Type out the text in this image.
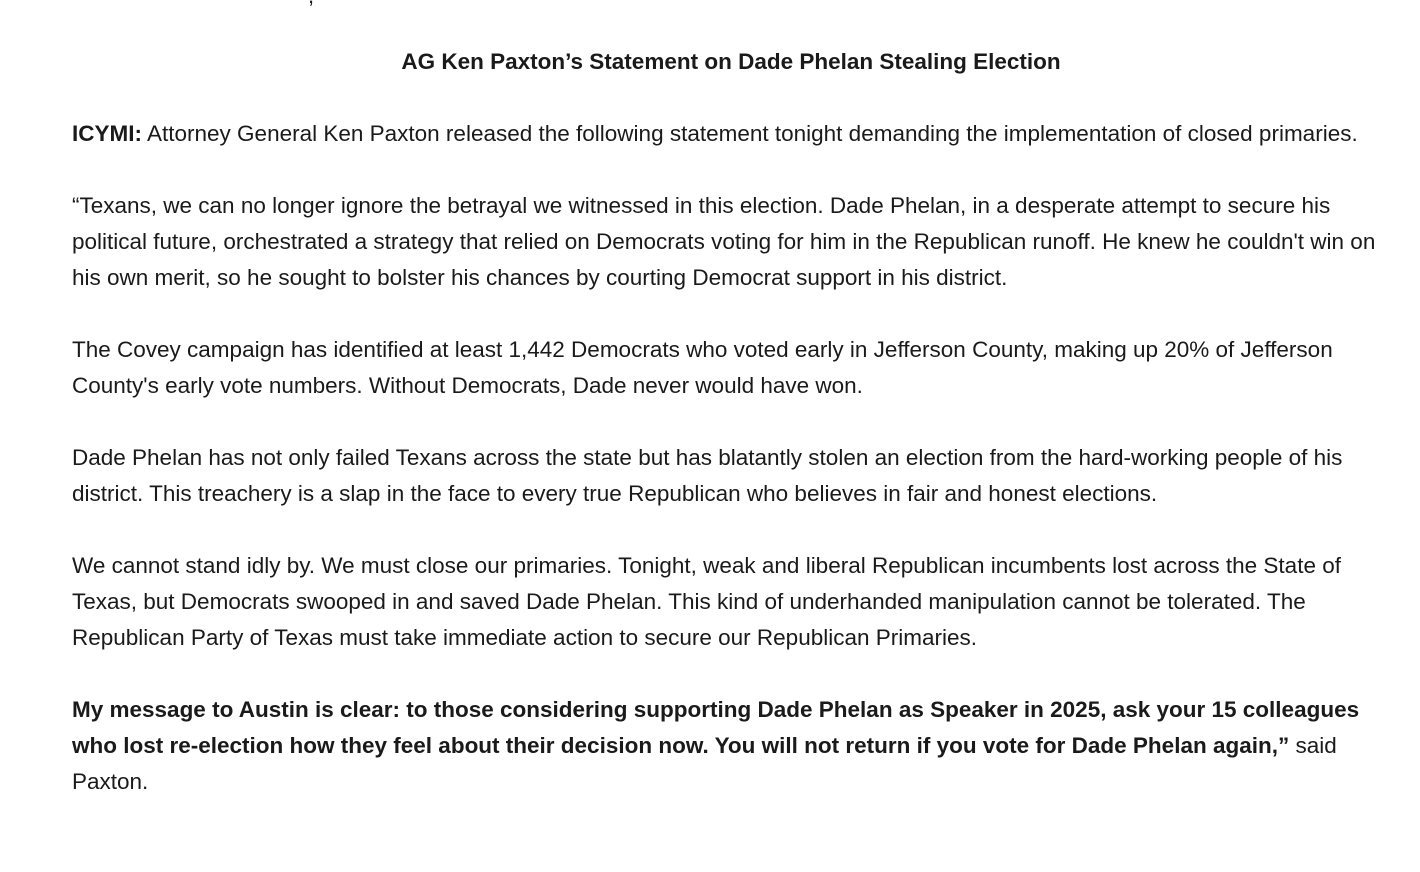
AG Ken Paxton’s Statement on Dade Phelan Stealing Election

ICYMI: Attorney General Ken Paxton released the following statement tonight demanding the implementation of closed primaries.

“Texans, we can no longer ignore the betrayal we witnessed in this election. Dade Phelan, in a desperate attempt to secure his political future, orchestrated a strategy that relied on Democrats voting for him in the Republican runoff. He knew he couldn't win on his own merit, so he sought to bolster his chances by courting Democrat support in his district.

The Covey campaign has identified at least 1,442 Democrats who voted early in Jefferson County, making up 20% of Jefferson County's early vote numbers. Without Democrats, Dade never would have won.

Dade Phelan has not only failed Texans across the state but has blatantly stolen an election from the hard-working people of his district. This treachery is a slap in the face to every true Republican who believes in fair and honest elections.

We cannot stand idly by. We must close our primaries. Tonight, weak and liberal Republican incumbents lost across the State of Texas, but Democrats swooped in and saved Dade Phelan. This kind of underhanded manipulation cannot be tolerated. The Republican Party of Texas must take immediate action to secure our Republican Primaries.

My message to Austin is clear: to those considering supporting Dade Phelan as Speaker in 2025, ask your 15 colleagues who lost re-election how they feel about their decision now. You will not return if you vote for Dade Phelan again,” said Paxton.
